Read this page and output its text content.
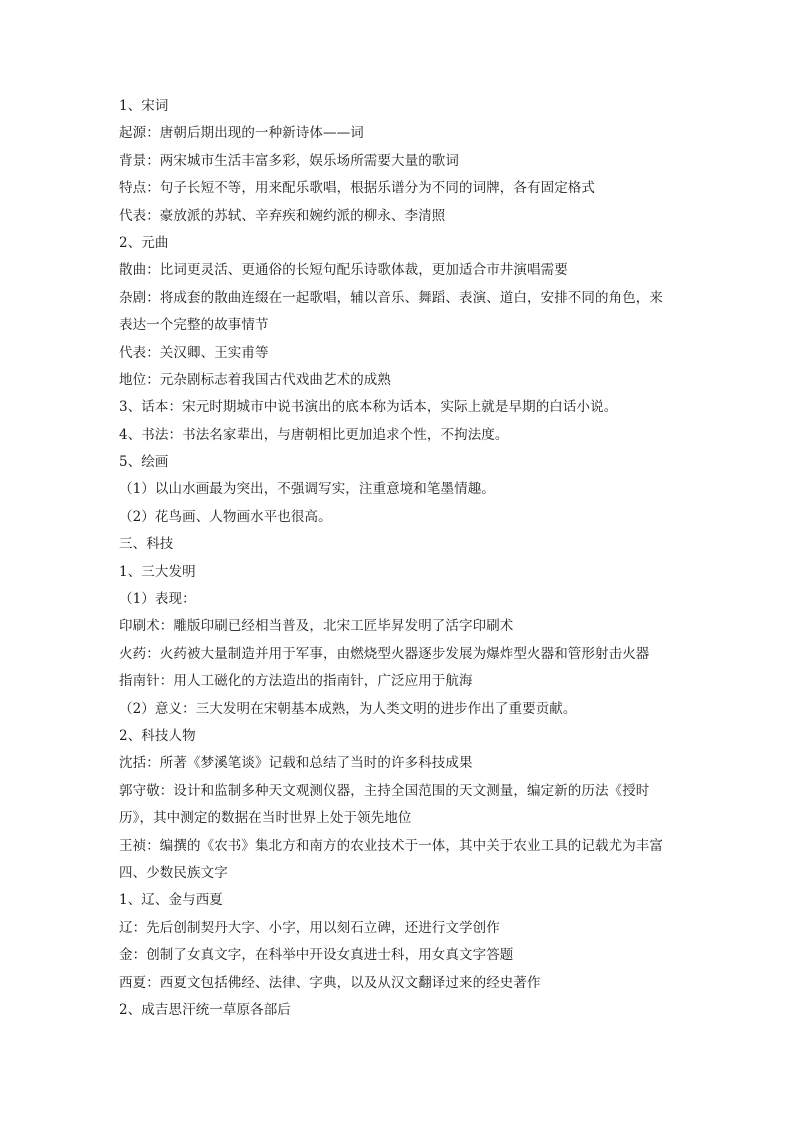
1、宋词
起源：唐朝后期出现的一种新诗体——词
背景：两宋城市生活丰富多彩，娱乐场所需要大量的歌词
特点：句子长短不等，用来配乐歌唱，根据乐谱分为不同的词牌，各有固定格式
代表：豪放派的苏轼、辛弃疾和婉约派的柳永、李清照
2、元曲
散曲：比词更灵活、更通俗的长短句配乐诗歌体裁，更加适合市井演唱需要
杂剧：将成套的散曲连缀在一起歌唱，辅以音乐、舞蹈、表演、道白，安排不同的角色，来
表达一个完整的故事情节
代表：关汉卿、王实甫等
地位：元杂剧标志着我国古代戏曲艺术的成熟
3、话本：宋元时期城市中说书演出的底本称为话本，实际上就是早期的白话小说。
4、书法：书法名家辈出，与唐朝相比更加追求个性，不拘法度。
5、绘画
（1）以山水画最为突出，不强调写实，注重意境和笔墨情趣。
（2）花鸟画、人物画水平也很高。
三、科技
1、三大发明
（1）表现：
印刷术：雕版印刷已经相当普及，北宋工匠毕昇发明了活字印刷术
火药：火药被大量制造并用于军事，由燃烧型火器逐步发展为爆炸型火器和管形射击火器
指南针：用人工磁化的方法造出的指南针，广泛应用于航海
（2）意义：三大发明在宋朝基本成熟，为人类文明的进步作出了重要贡献。
2、科技人物
沈括：所著《梦溪笔谈》记载和总结了当时的许多科技成果
郭守敬：设计和监制多种天文观测仪器，主持全国范围的天文测量，编定新的历法《授时
历》，其中测定的数据在当时世界上处于领先地位
王祯：编撰的《农书》集北方和南方的农业技术于一体，其中关于农业工具的记载尤为丰富
四、少数民族文字
1、辽、金与西夏
辽：先后创制契丹大字、小字，用以刻石立碑，还进行文学创作
金：创制了女真文字，在科举中开设女真进士科，用女真文字答题
西夏：西夏文包括佛经、法律、字典，以及从汉文翻译过来的经史著作
2、成吉思汗统一草原各部后
